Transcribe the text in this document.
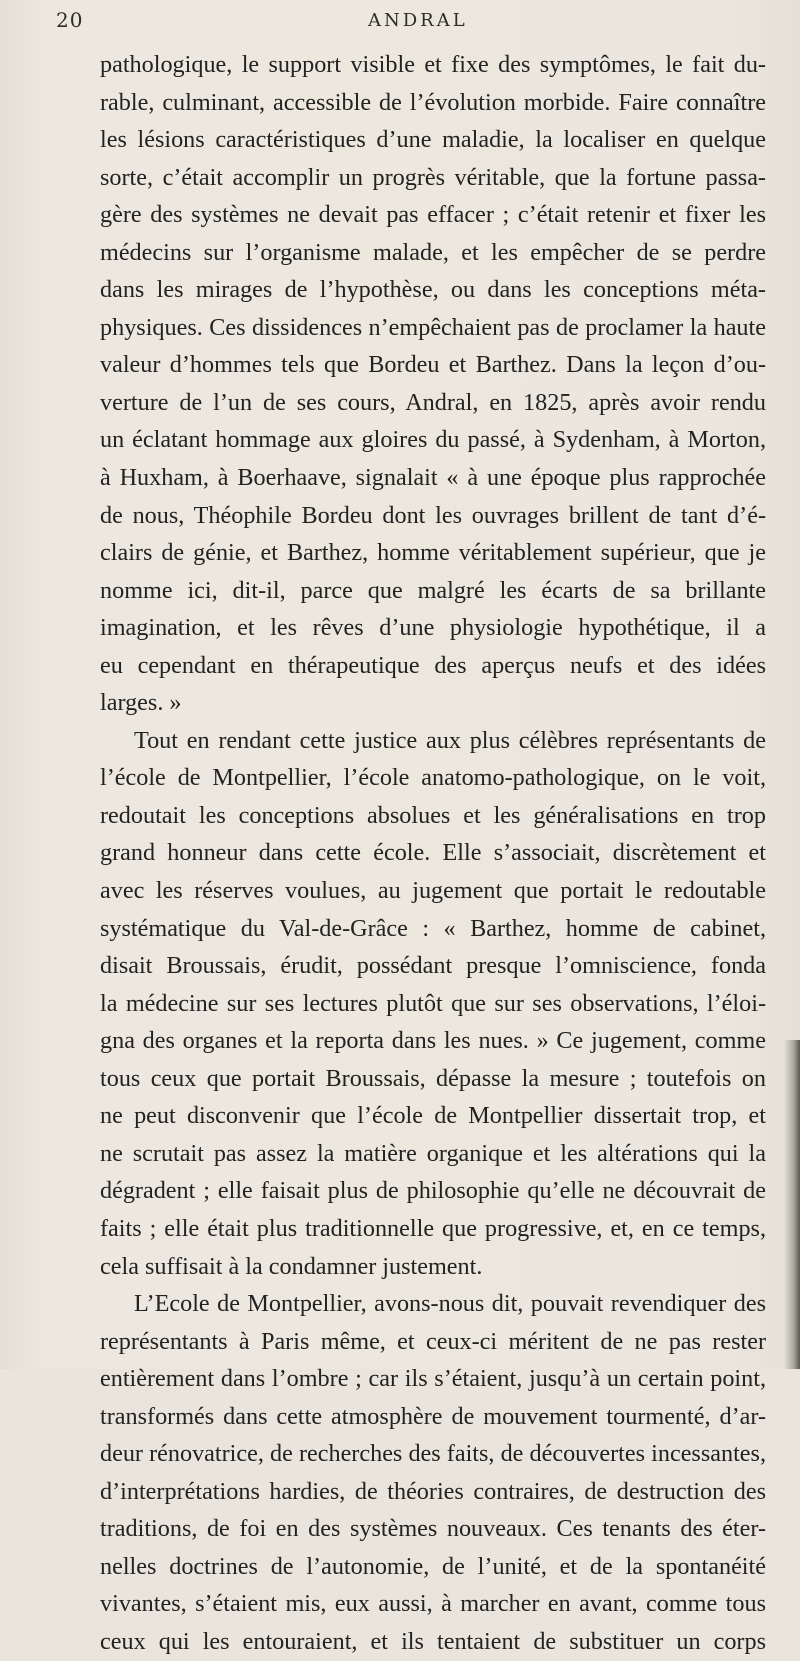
20	ANDRAL
pathologique, le support visible et fixe des symptômes, le fait du-
rable, culminant, accessible de l’évolution morbide. Faire connaître
les lésions caractéristiques d’une maladie, la localiser en quelque
sorte, c’était accomplir un progrès véritable, que la fortune passa-
gère des systèmes ne devait pas effacer ; c’était retenir et fixer les
médecins sur l’organisme malade, et les empêcher de se perdre
dans les mirages de l’hypothèse, ou dans les conceptions méta-
physiques. Ces dissidences n’empêchaient pas de proclamer la haute
valeur d’hommes tels que Bordeu et Barthez. Dans la leçon d’ou-
verture de l’un de ses cours, Andral, en 1825, après avoir rendu
un éclatant hommage aux gloires du passé, à Sydenham, à Morton,
à Huxham, à Boerhaave, signalait « à une époque plus rapprochée
de nous, Théophile Bordeu dont les ouvrages brillent de tant d’é-
clairs de génie, et Barthez, homme véritablement supérieur, que je
nomme ici, dit-il, parce que malgré les écarts de sa brillante
imagination, et les rêves d’une physiologie hypothétique, il a
eu cependant en thérapeutique des aperçus neufs et des idées
larges. »
Tout en rendant cette justice aux plus célèbres représentants de
l’école de Montpellier, l’école anatomo-pathologique, on le voit,
redoutait les conceptions absolues et les généralisations en trop
grand honneur dans cette école. Elle s’associait, discrètement et
avec les réserves voulues, au jugement que portait le redoutable
systématique du Val-de-Grâce : « Barthez, homme de cabinet,
disait Broussais, érudit, possédant presque l’omniscience, fonda
la médecine sur ses lectures plutôt que sur ses observations, l’éloi-
gna des organes et la reporta dans les nues. » Ce jugement, comme
tous ceux que portait Broussais, dépasse la mesure ; toutefois on
ne peut disconvenir que l’école de Montpellier dissertait trop, et
ne scrutait pas assez la matière organique et les altérations qui la
dégradent ; elle faisait plus de philosophie qu’elle ne découvrait de
faits ; elle était plus traditionnelle que progressive, et, en ce temps,
cela suffisait à la condamner justement.
L’Ecole de Montpellier, avons-nous dit, pouvait revendiquer des
représentants à Paris même, et ceux-ci méritent de ne pas rester
entièrement dans l’ombre ; car ils s’étaient, jusqu’à un certain point,
transformés dans cette atmosphère de mouvement tourmenté, d’ar-
deur rénovatrice, de recherches des faits, de découvertes incessantes,
d’interprétations hardies, de théories contraires, de destruction des
traditions, de foi en des systèmes nouveaux. Ces tenants des éter-
nelles doctrines de l’autonomie, de l’unité, et de la spontanéité
vivantes, s’étaient mis, eux aussi, à marcher en avant, comme tous
ceux qui les entouraient, et ils tentaient de substituer un corps
